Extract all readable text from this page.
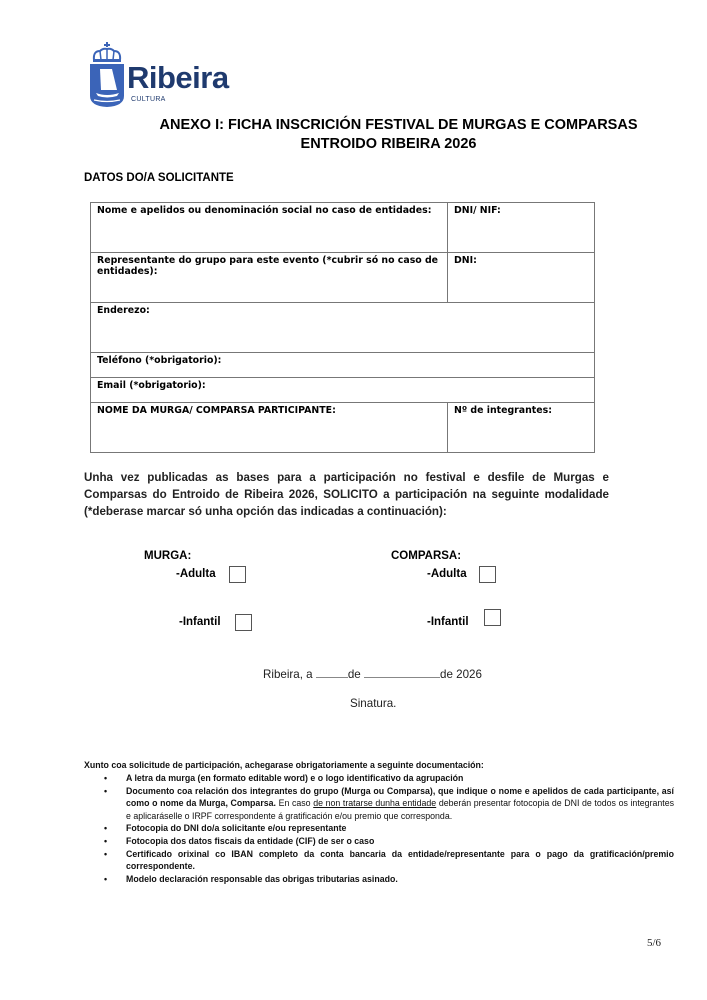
Ribeira
CULTURA
ANEXO I: FICHA INSCRICIÓN FESTIVAL DE MURGAS E COMPARSAS
ENTROIDO RIBEIRA 2026
DATOS DO/A SOLICITANTE
Nome e apelidos ou denominación social no caso de entidades:	DNI/ NIF:
Representante do grupo para este evento (*cubrir só no caso de entidades):	DNI:
Enderezo:	
Teléfono (*obrigatorio):	
Email (*obrigatorio):	
NOME DA MURGA/ COMPARSA PARTICIPANTE:	Nº de integrantes:
Unha vez publicadas as bases para a participación no festival e desfile de Murgas e Comparsas do Entroido de Ribeira 2026, SOLICITO a participación na seguinte modalidade (*deberase marcar só unha opción das indicadas a continuación):
MURGA:
-Adulta
-Infantil
COMPARSA:
-Adulta
-Infantil
Ribeira, a	de	de 2026
Sinatura.
Xunto coa solicitude de participación, achegarase obrigatoriamente a seguinte documentación:
• A letra da murga (en formato editable word) e o logo identificativo da agrupación
• Documento coa relación dos integrantes do grupo (Murga ou Comparsa), que indique o nome e apelidos de cada participante, así como o nome da Murga, Comparsa. En caso de non tratarse dunha entidade deberán presentar fotocopia de DNI de todos os integrantes e aplicaráselle o IRPF correspondente á gratificación e/ou premio que corresponda.
• Fotocopia do DNI do/a solicitante e/ou representante
• Fotocopia dos datos fiscais da entidade (CIF) de ser o caso
• Certificado orixinal co IBAN completo da conta bancaria da entidade/representante para o pago da gratificación/premio correspondente.
• Modelo declaración responsable das obrigas tributarias asinado.
5/6
